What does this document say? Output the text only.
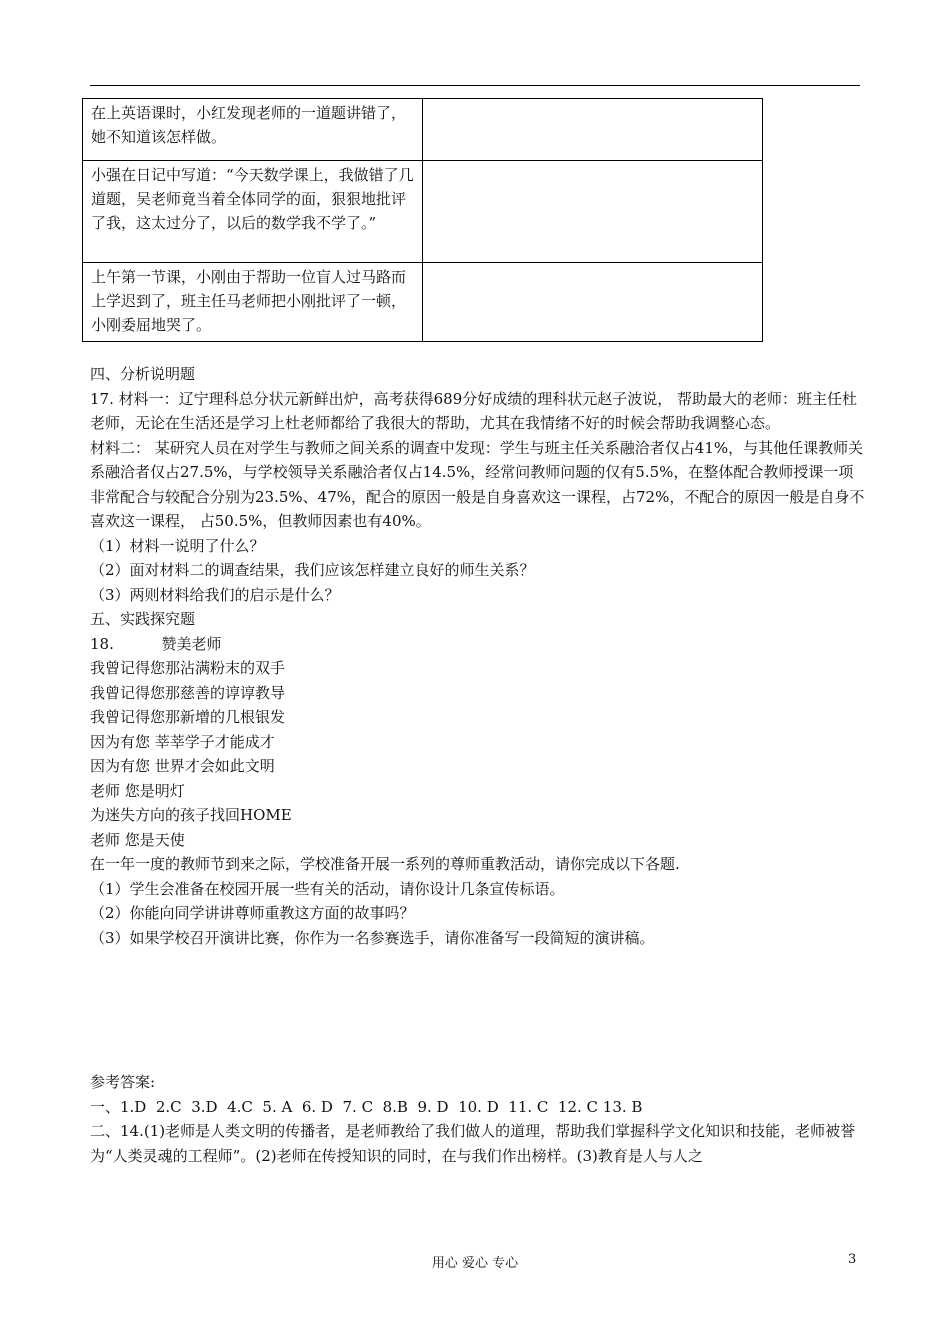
在上英语课时，小红发现老师的一道题讲错了，她不知道该怎样做。	
小强在日记中写道：“今天数学课上，我做错了几道题，吴老师竟当着全体同学的面，狠狠地批评了我，这太过分了，以后的数学我不学了。”	
上午第一节课，小刚由于帮助一位盲人过马路而上学迟到了，班主任马老师把小刚批评了一顿，小刚委屈地哭了。	

四、分析说明题

17. 材料一：辽宁理科总分状元新鲜出炉，高考获得689分好成绩的理科状元赵子波说， 帮助最大的老师：班主任杜老师，无论在生活还是学习上杜老师都给了我很大的帮助，尤其在我情绪不好的时候会帮助我调整心态。

材料二： 某研究人员在对学生与教师之间关系的调查中发现：学生与班主任关系融洽者仅占41%，与其他任课教师关系融洽者仅占27.5%，与学校领导关系融洽者仅占14.5%，经常问教师问题的仅有5.5%，在整体配合教师授课一项非常配合与较配合分别为23.5%、47%，配合的原因一般是自身喜欢这一课程，占72%，不配合的原因一般是自身不喜欢这一课程， 占50.5%，但教师因素也有40%。

（1）材料一说明了什么？

（2）面对材料二的调查结果，我们应该怎样建立良好的师生关系？

（3）两则材料给我们的启示是什么？

五、实践探究题

18.          赞美老师

我曾记得您那沾满粉末的双手

我曾记得您那慈善的谆谆教导

我曾记得您那新增的几根银发

因为有您 莘莘学子才能成才

因为有您 世界才会如此文明

老师 您是明灯

为迷失方向的孩子找回HOME

老师 您是天使

在一年一度的教师节到来之际，学校准备开展一系列的尊师重教活动，请你完成以下各题.

（1）学生会准备在校园开展一些有关的活动，请你设计几条宣传标语。

（2）你能向同学讲讲尊师重教这方面的故事吗？

（3）如果学校召开演讲比赛，你作为一名参赛选手，请你准备写一段简短的演讲稿。

参考答案:

一、1.D  2.C  3.D  4.C  5. A  6. D  7. C  8.B  9. D  10. D  11. C  12. C 13. B

二、14.(1)老师是人类文明的传播者，是老师教给了我们做人的道理，帮助我们掌握科学文化知识和技能，老师被誉为“人类灵魂的工程师”。(2)老师在传授知识的同时，在与我们作出榜样。(3)教育是人与人之

用心 爱心 专心	3
